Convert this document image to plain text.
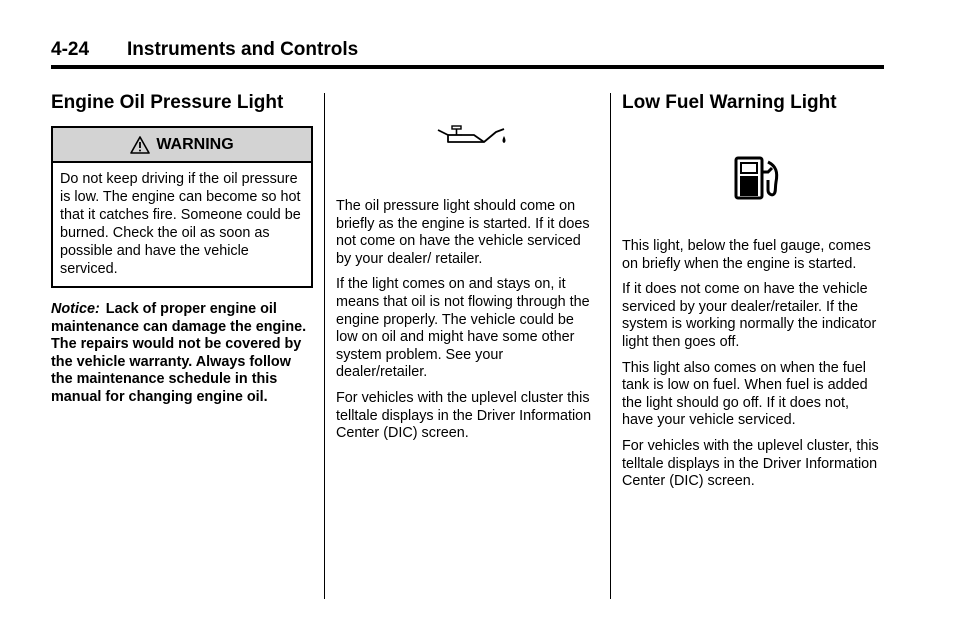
4-24 Instruments and Controls
Engine Oil Pressure Light
WARNING
Do not keep driving if the oil pressure is low. The engine can become so hot that it catches fire. Someone could be burned. Check the oil as soon as possible and have the vehicle serviced.
Notice: Lack of proper engine oil maintenance can damage the engine. The repairs would not be covered by the vehicle warranty. Always follow the maintenance schedule in this manual for changing engine oil.

The oil pressure light should come on briefly as the engine is started. If it does not come on have the vehicle serviced by your dealer/ retailer.

If the light comes on and stays on, it means that oil is not flowing through the engine properly. The vehicle could be low on oil and might have some other system problem. See your dealer/retailer.

For vehicles with the uplevel cluster this telltale displays in the Driver Information Center (DIC) screen.

Low Fuel Warning Light

This light, below the fuel gauge, comes on briefly when the engine is started.

If it does not come on have the vehicle serviced by your dealer/retailer. If the system is working normally the indicator light then goes off.

This light also comes on when the fuel tank is low on fuel. When fuel is added the light should go off. If it does not, have your vehicle serviced.

For vehicles with the uplevel cluster, this telltale displays in the Driver Information Center (DIC) screen.
